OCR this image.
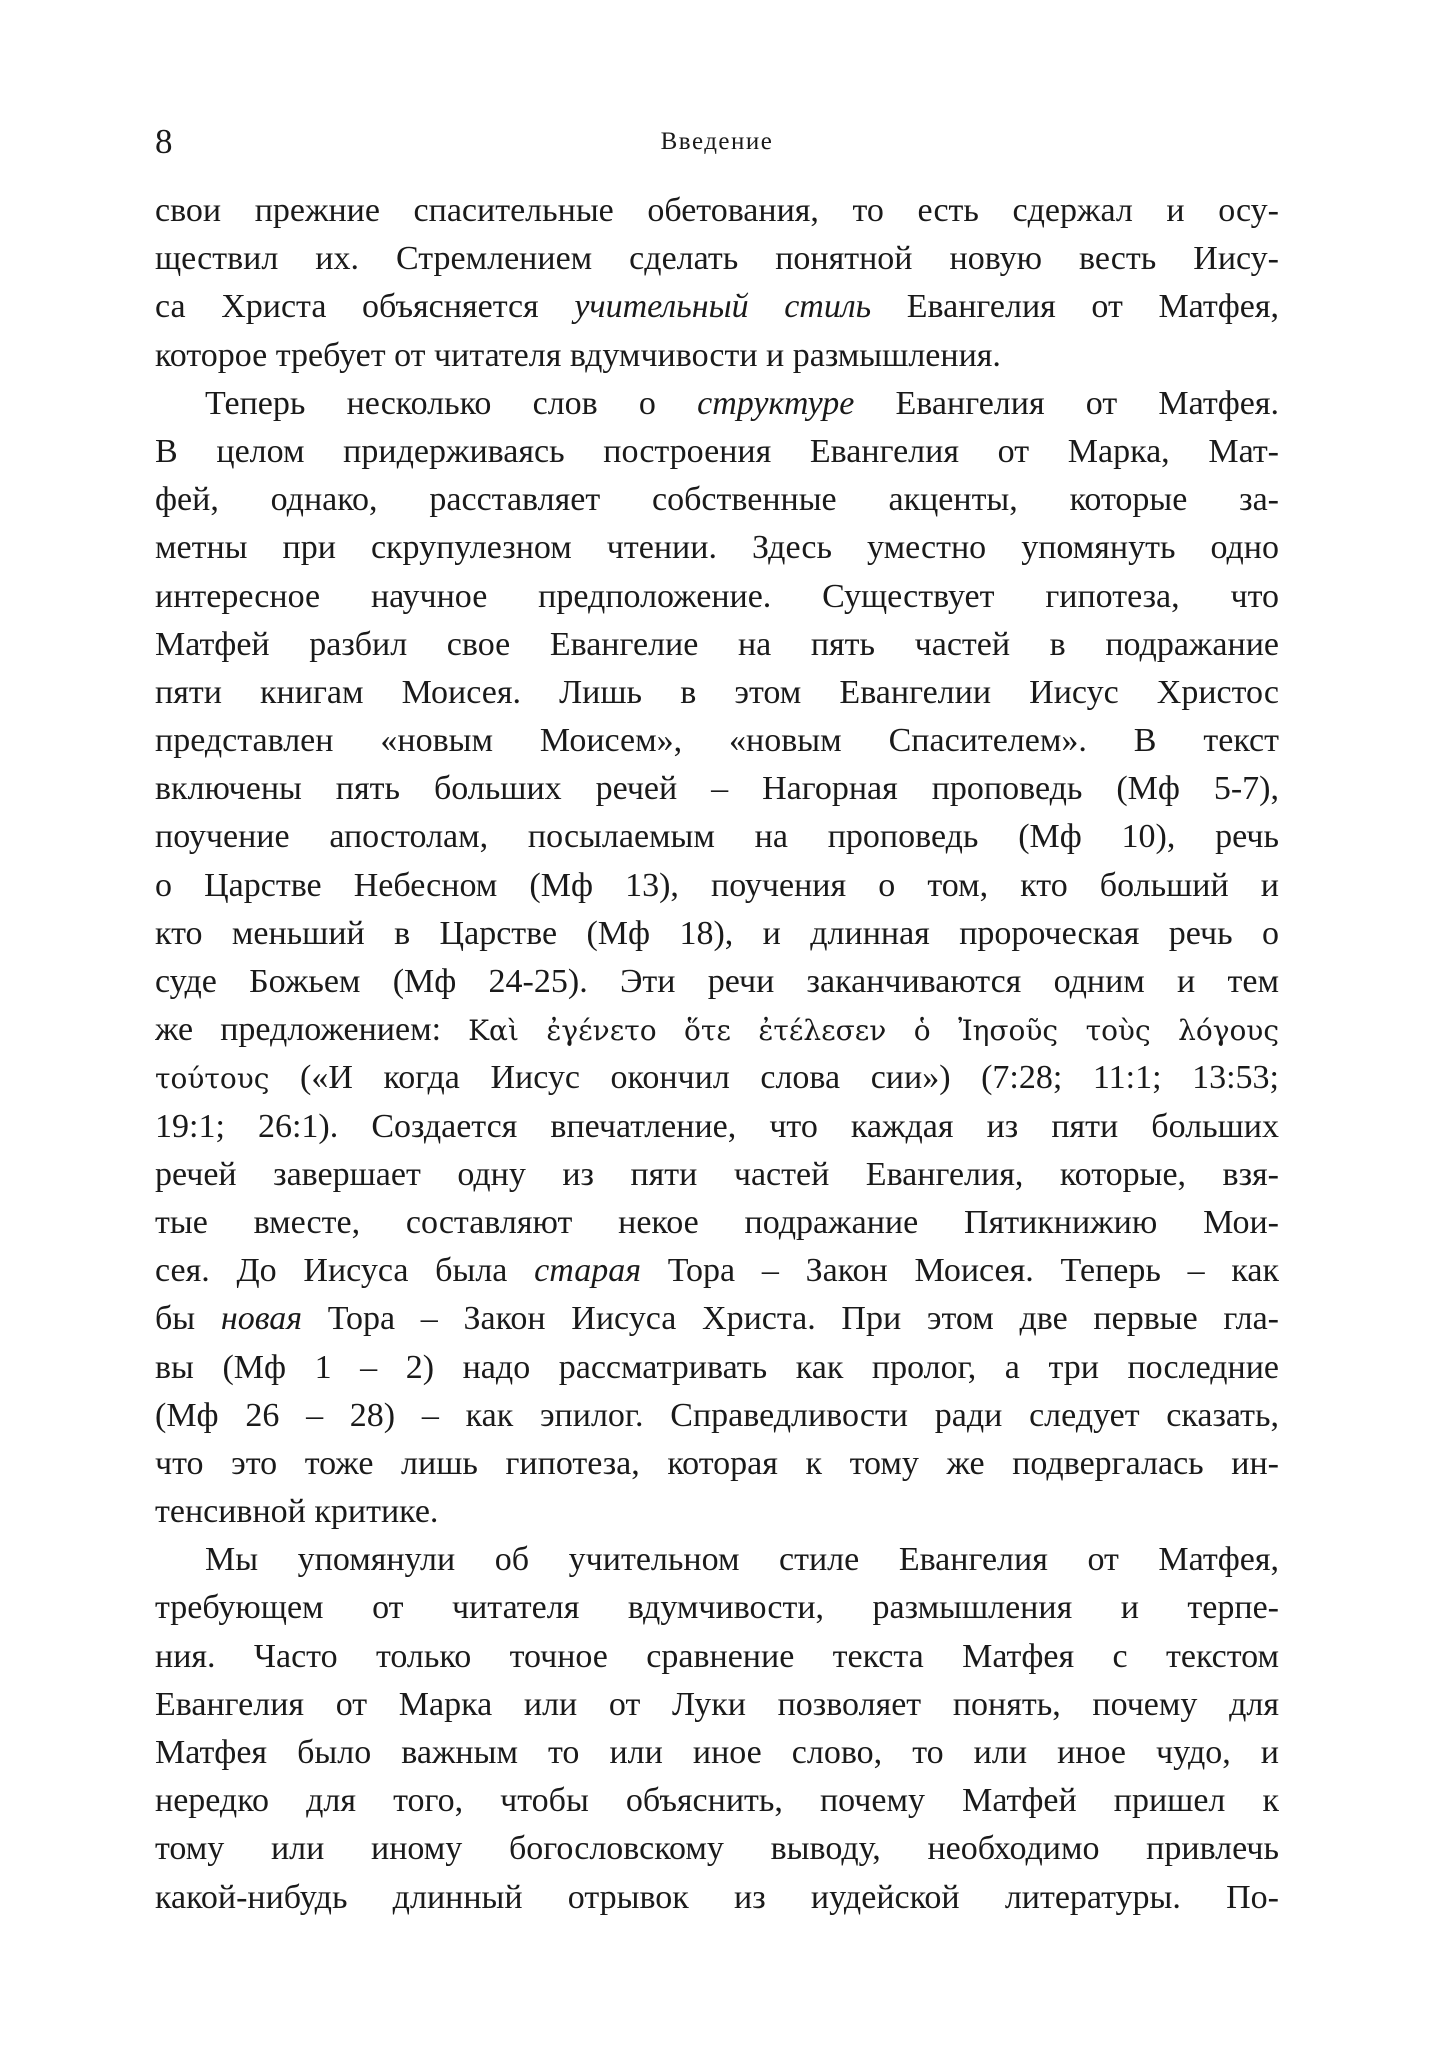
8	Введение
свои прежние спасительные обетования, то есть сдержал и осу-
ществил их. Стремлением сделать понятной новую весть Иису-
са Христа объясняется учительный стиль Евангелия от Матфея,
которое требует от читателя вдумчивости и размышления.
Теперь несколько слов о структуре Евангелия от Матфея.
В целом придерживаясь построения Евангелия от Марка, Мат-
фей, однако, расставляет собственные акценты, которые за-
метны при скрупулезном чтении. Здесь уместно упомянуть одно
интересное научное предположение. Существует гипотеза, что
Матфей разбил свое Евангелие на пять частей в подражание
пяти книгам Моисея. Лишь в этом Евангелии Иисус Христос
представлен «новым Моисем», «новым Спасителем». В текст
включены пять больших речей – Нагорная проповедь (Мф 5-7),
поучение апостолам, посылаемым на проповедь (Мф 10), речь
о Царстве Небесном (Мф 13), поучения о том, кто больший и
кто меньший в Царстве (Мф 18), и длинная пророческая речь о
суде Божьем (Мф 24-25). Эти речи заканчиваются одним и тем
же предложением: Καὶ ἐγένετο ὅτε ἐτέλεσεν ὁ Ἰησοῦς τοὺς λόγους
τούτους («И когда Иисус окончил слова сии») (7:28; 11:1; 13:53;
19:1; 26:1). Создается впечатление, что каждая из пяти больших
речей завершает одну из пяти частей Евангелия, которые, взя-
тые вместе, составляют некое подражание Пятикнижию Мои-
сея. До Иисуса была старая Тора – Закон Моисея. Теперь – как
бы новая Тора – Закон Иисуса Христа. При этом две первые гла-
вы (Мф 1 – 2) надо рассматривать как пролог, а три последние
(Мф 26 – 28) – как эпилог. Справедливости ради следует сказать,
что это тоже лишь гипотеза, которая к тому же подвергалась ин-
тенсивной критике.
Мы упомянули об учительном стиле Евангелия от Матфея,
требующем от читателя вдумчивости, размышления и терпе-
ния. Часто только точное сравнение текста Матфея с текстом
Евангелия от Марка или от Луки позволяет понять, почему для
Матфея было важным то или иное слово, то или иное чудо, и
нередко для того, чтобы объяснить, почему Матфей пришел к
тому или иному богословскому выводу, необходимо привлечь
какой-нибудь длинный отрывок из иудейской литературы. По-
